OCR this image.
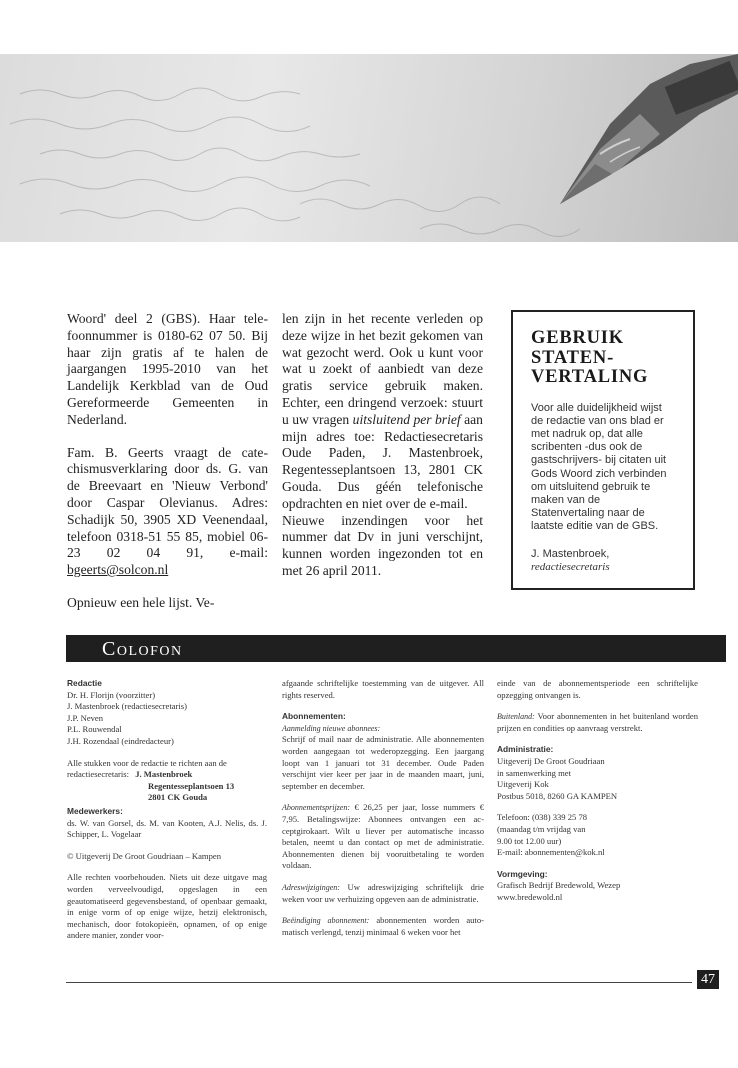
Woord' deel 2 (GBS). Haar telefoonnummer is 0180-62 07 50. Bij haar zijn gratis af te halen de jaargangen 1995-2010 van het Landelijk Kerkblad van de Oud Gereformeerde Gemeenten in Nederland.

Fam. B. Geerts vraagt de catechismusverklaring door ds. G. van de Breevaart en 'Nieuw Verbond' door Caspar Olevianus. Adres: Schadijk 50, 3905 XD Veenendaal, telefoon 0318-51 55 85, mobiel 06-23 02 04 91, e-mail: bgeerts@solcon.nl

Opnieuw een hele lijst. Ve-

len zijn in het recente verleden op deze wijze in het bezit gekomen van wat gezocht werd. Ook u kunt voor wat u zoekt of aanbiedt van deze gratis service gebruik maken. Echter, een dringend verzoek: stuurt u uw vragen uitsluitend per brief aan mijn adres toe: Redactiesecretaris Oude Paden, J. Mastenbroek, Regentesseplantsoen 13, 2801 CK Gouda. Dus géén telefonische opdrachten en niet over de e-mail.

Nieuwe inzendingen voor het nummer dat Dv in juni verschijnt, kunnen worden ingezonden tot en met 26 april 2011.

GEBRUIK
STATEN-
VERTALING
Voor alle duidelijkheid wijst de redactie van ons blad er met nadruk op, dat alle scribenten -dus ook de gastschrijvers- bij citaten uit Gods Woord zich verbinden om uitsluitend gebruik te maken van de Statenvertaling naar de laatste editie van de GBS.
J. Mastenbroek,
redactiesecretaris
Colofon
Redactie
Dr. H. Florijn (voorzitter)
J. Mastenbroek (redactiesecretaris)
J.P. Neven
P.L. Rouwendal
J.H. Rozendaal (eindredacteur)
Alle stukken voor de redactie te richten aan de
redactiesecretaris: J. Mastenbroek
Regentesseplantsoen 13
2801 CK Gouda
Medewerkers:
ds. W. van Gorsel, ds. M. van Kooten, A.J. Nelis, ds. J. Schipper, L. Vogelaar
© Uitgeverij De Groot Goudriaan – Kampen
Alle rechten voorbehouden. Niets uit deze uitgave mag worden verveelvoudigd, opgeslagen in een geautomatiseerd gegevensbestand, of openbaar gemaakt, in enige vorm of op enige wijze, hetzij elektronisch, mechanisch, door fotokopieën, opnamen, of op enige andere manier, zonder voor-
afgaande schriftelijke toestemming van de uitgever. All rights reserved.
Abonnementen:
Aanmelding nieuwe abonnees:
Schrijf of mail naar de administratie. Alle abonnementen worden aangegaan tot wederopzegging. Een jaargang loopt van 1 januari tot 31 december. Oude Paden verschijnt vier keer per jaar in de maanden maart, juni, september en december.
Abonnementsprijzen: € 26,25 per jaar, losse nummers € 7,95. Betalingswijze: Abonnees ontvangen een acceptgirokaart. Wilt u liever per automatische incasso betalen, neemt u dan contact op met de administratie. Abonnementen dienen bij vooruitbetaling te worden voldaan.
Adreswijzigingen: Uw adreswijziging schriftelijk drie weken voor uw verhuizing opgeven aan de administratie.
Beëindiging abonnement: abonnementen worden automatisch verlengd, tenzij minimaal 6 weken voor het
einde van de abonnementsperiode een schriftelijke opzegging ontvangen is.
Buitenland: Voor abonnementen in het buitenland worden prijzen en condities op aanvraag verstrekt.
Administratie:
Uitgeverij De Groot Goudriaan
in samenwerking met
Uitgeverij Kok
Postbus 5018, 8260 GA KAMPEN
Telefoon: (038) 339 25 78
(maandag t/m vrijdag van
9.00 tot 12.00 uur)
E-mail: abonnementen@kok.nl
Vormgeving:
Grafisch Bedrijf Bredewold, Wezep
www.bredewold.nl
47
